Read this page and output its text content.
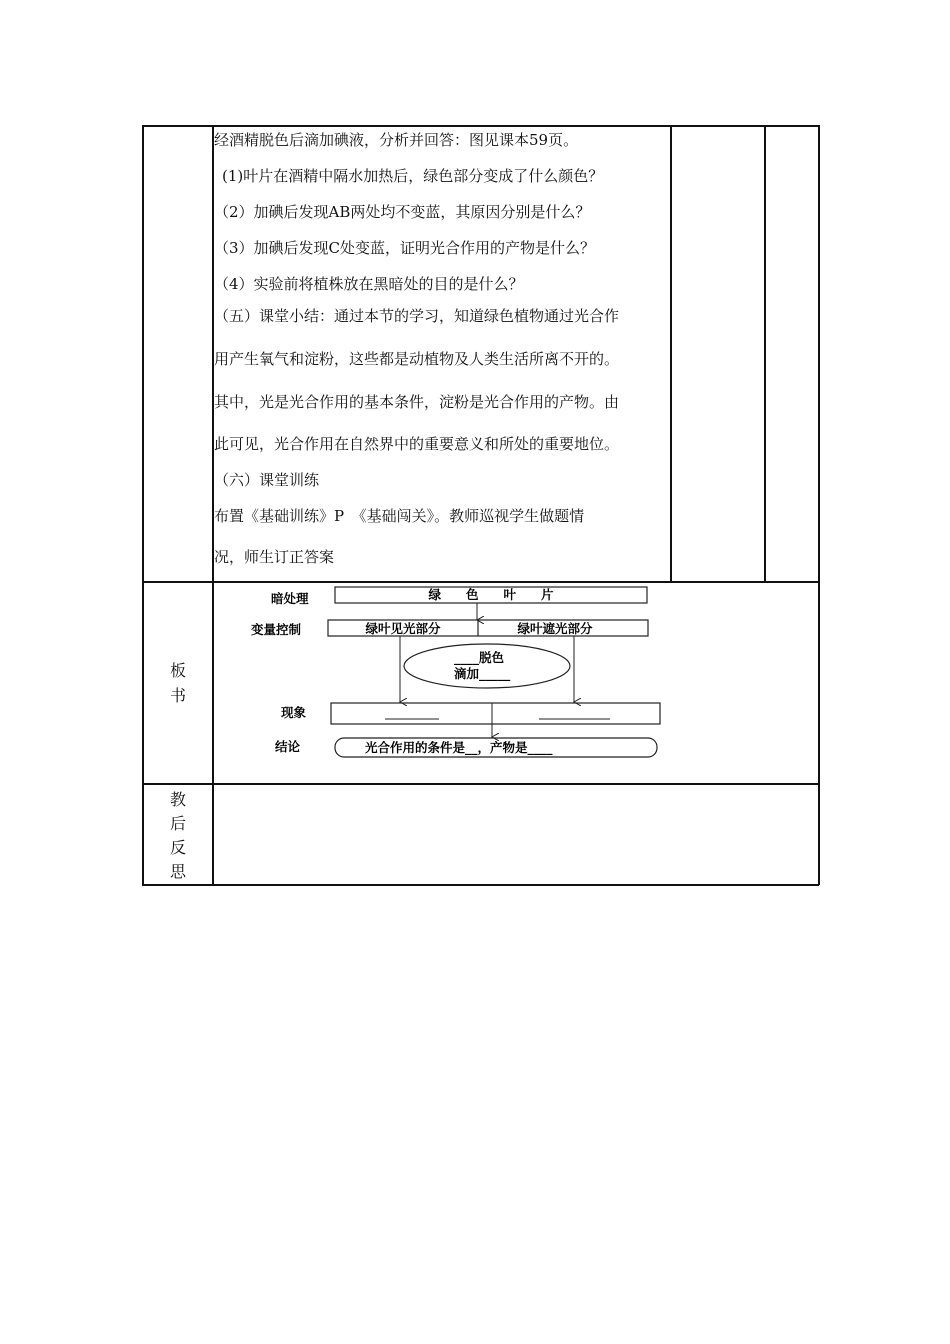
经酒精脱色后滴加碘液，分析并回答：图见课本59页。
(1)叶片在酒精中隔水加热后，绿色部分变成了什么颜色？
（2）加碘后发现AB两处均不变蓝，其原因分别是什么？
（3）加碘后发现C处变蓝，证明光合作用的产物是什么？
（4）实验前将植株放在黑暗处的目的是什么？
（五）课堂小结：通过本节的学习，知道绿色植物通过光合作
用产生氧气和淀粉，这些都是动植物及人类生活所离不开的。
其中，光是光合作用的基本条件，淀粉是光合作用的产物。由
此可见，光合作用在自然界中的重要意义和所处的重要地位。
（六）课堂训练
布置《基础训练》P　《基础闯关》。教师巡视学生做题情
况，师生订正答案
板
书
暗处理	绿　　色　　叶　　片
变量控制	绿叶见光部分	绿叶遮光部分
____脱色
滴加_____
现象
结论	光合作用的条件是__，产物是____
教
后
反
思
